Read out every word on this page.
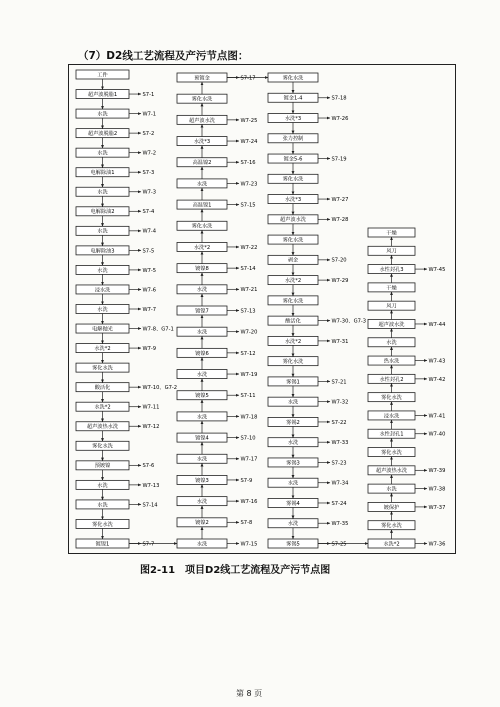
（7）D2线工艺流程及产污节点图：
工件
超声波脱脂1	S7-1
水洗	W7-1
超声波脱脂2	S7-2
水洗	W7-2
电解除油1	S7-3
水洗	W7-3
电解除油2	S7-4
水洗	W7-4
电解除油3	S7-5
水洗	W7-5
浸水洗	W7-6
水洗	W7-7
电解抛光	W7-8、G7-1
水洗*2	W7-9
雾化水洗
酸活化	W7-10、G7-2
水洗*2	W7-11
超声波热水洗	W7-12
雾化水洗
预镀镍	S7-6
水洗	W7-13
水洗	S7-14
雾化水洗
镀镍1	S7-7
预镀金	S7-17
雾化水洗
超声波水洗	W7-25
水洗*3	W7-24
高温镍2	S7-16
水洗	W7-23
高温镍1	S7-15
雾化水洗
水洗*2	W7-22
镀镍8	S7-14
水洗	W7-21
镀镍7	S7-13
水洗	W7-20
镀镍6	S7-12
水洗	W7-19
镀镍5	S7-11
水洗	W7-18
镀镍4	S7-10
水洗	W7-17
镀镍3	S7-9
水洗	W7-16
镀镍2	S7-8
水洗	W7-15
雾化水洗
镀金1-4	S7-18
水洗*3	W7-26
张力控制
镀金5-6	S7-19
雾化水洗
水洗*3	W7-27
超声波水洗	W7-28
雾化水洗
剥金	S7-20
水洗*2	W7-29
雾化水洗
酸活化	W7-30、G7-3
水洗*2	W7-31
雾化水洗
雾锡1	S7-21
水洗	W7-32
雾锡2	S7-22
水洗	W7-33
雾锡3	S7-23
水洗	W7-34
雾锡4	S7-24
水洗	W7-35
雾锡5	S7-25
干燥
风刀
水性封孔3	W7-45
干燥
风刀
超声波水洗	W7-44
水洗
热水洗	W7-43
水性封孔2	W7-42
雾化水洗
浸水洗	W7-41
水性封孔1	W7-40
雾化水洗
超声波热水洗	W7-39
水洗	W7-38
镀保护	W7-37
雾化水洗
水洗*2	W7-36
图2-11 项目D2线工艺流程及产污节点图
第 8 页
